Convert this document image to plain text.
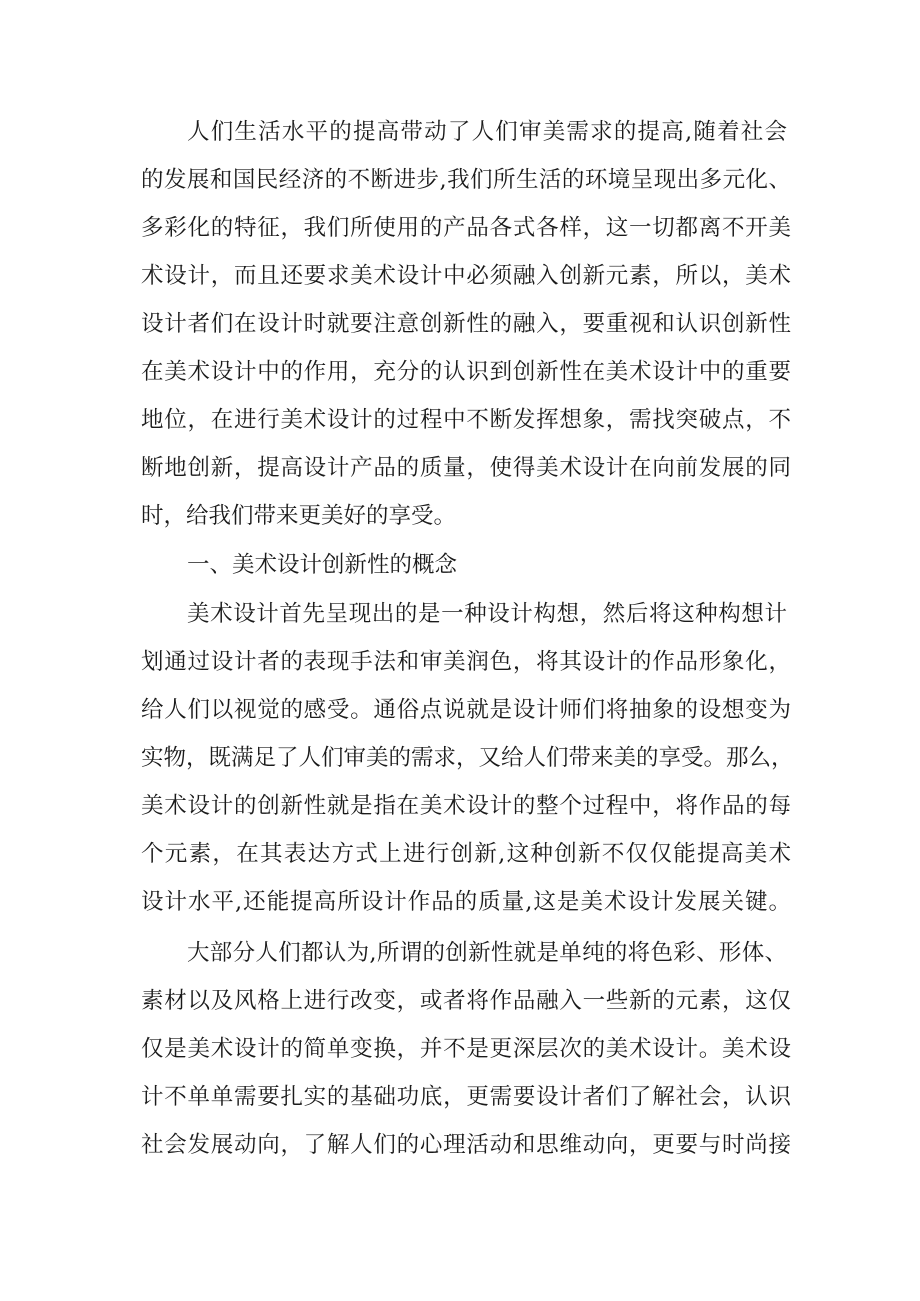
人们生活水平的提高带动了人们审美需求的提高,随着社会
的发展和国民经济的不断进步,我们所生活的环境呈现出多元化、
多彩化的特征，我们所使用的产品各式各样，这一切都离不开美
术设计，而且还要求美术设计中必须融入创新元素，所以，美术
设计者们在设计时就要注意创新性的融入，要重视和认识创新性
在美术设计中的作用，充分的认识到创新性在美术设计中的重要
地位，在进行美术设计的过程中不断发挥想象，需找突破点，不
断地创新，提高设计产品的质量，使得美术设计在向前发展的同
时，给我们带来更美好的享受。
一、美术设计创新性的概念
美术设计首先呈现出的是一种设计构想，然后将这种构想计
划通过设计者的表现手法和审美润色，将其设计的作品形象化，
给人们以视觉的感受。通俗点说就是设计师们将抽象的设想变为
实物，既满足了人们审美的需求，又给人们带来美的享受。那么，
美术设计的创新性就是指在美术设计的整个过程中，将作品的每
个元素，在其表达方式上进行创新,这种创新不仅仅能提高美术
设计水平,还能提高所设计作品的质量,这是美术设计发展关键。
大部分人们都认为,所谓的创新性就是单纯的将色彩、形体、
素材以及风格上进行改变，或者将作品融入一些新的元素，这仅
仅是美术设计的简单变换，并不是更深层次的美术设计。美术设
计不单单需要扎实的基础功底，更需要设计者们了解社会，认识
社会发展动向，了解人们的心理活动和思维动向，更要与时尚接
